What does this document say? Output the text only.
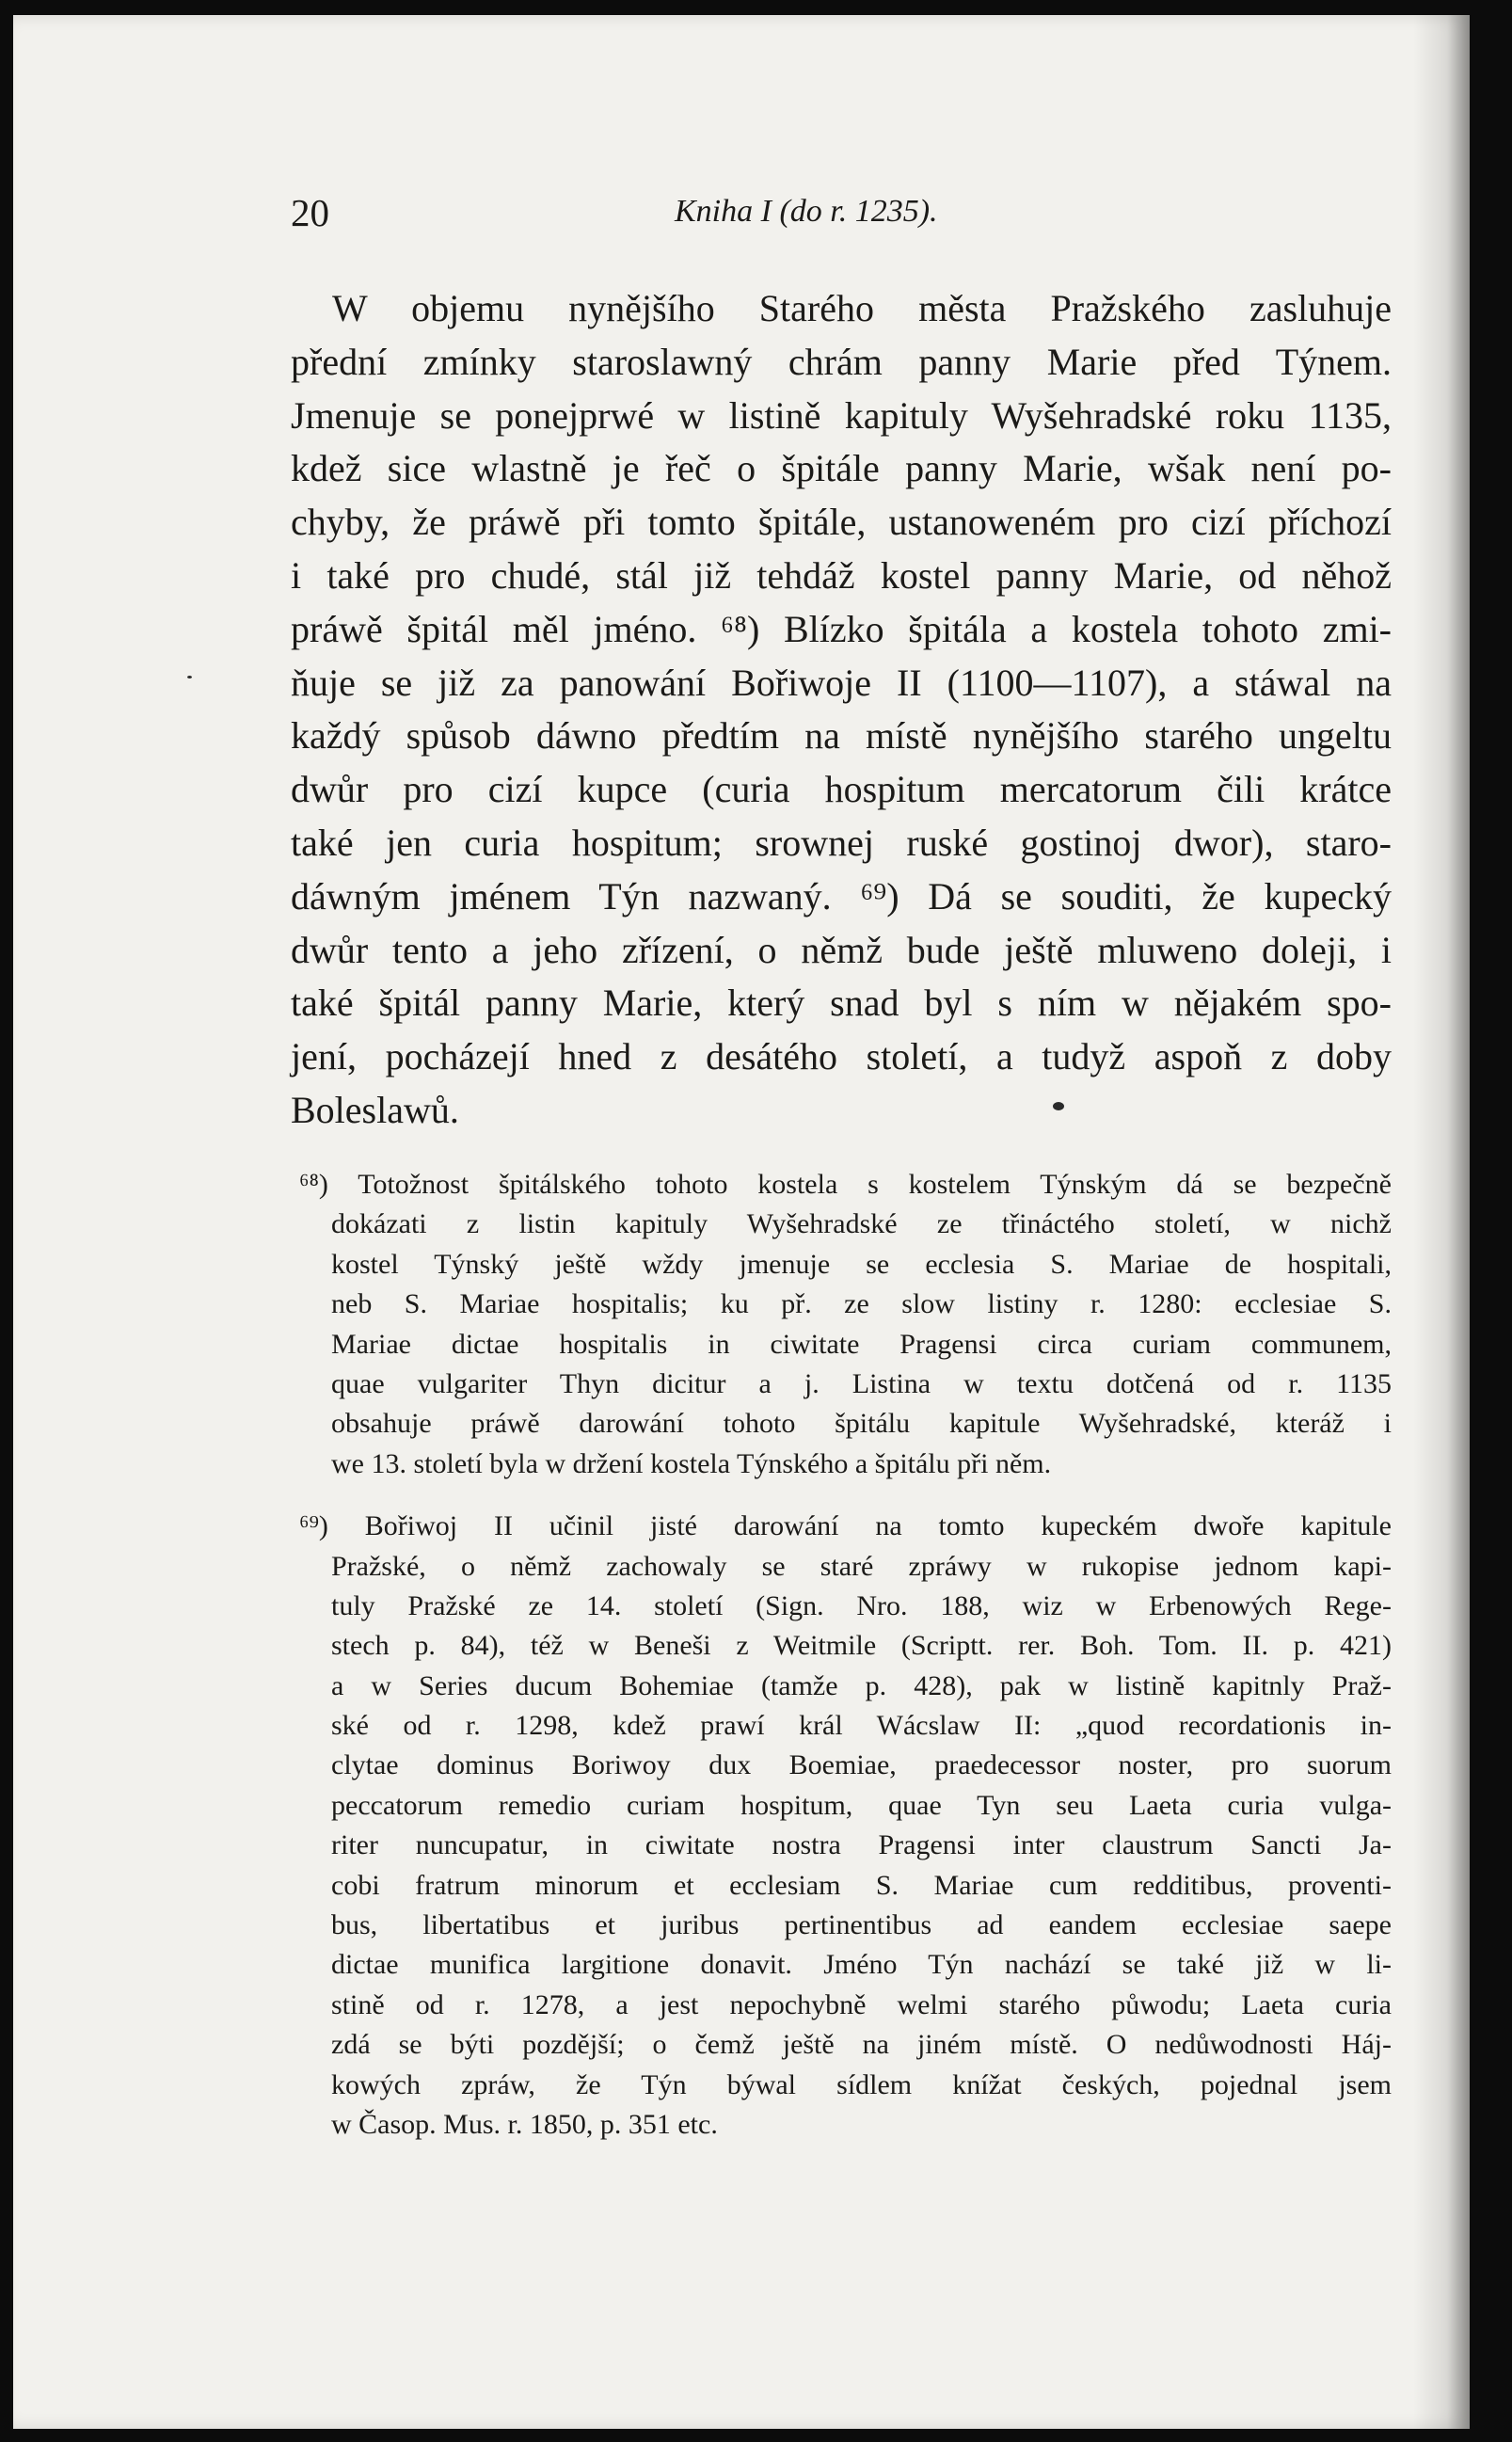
20	Kniha I (do r. 1235).
W objemu nynějšího Starého města Pražského zasluhuje
přední zmínky staroslawný chrám panny Marie před Týnem.
Jmenuje se ponejprwé w listině kapituly Wyšehradské roku 1135,
kdež sice wlastně je řeč o špitále panny Marie, wšak není po-
chyby, že práwě při tomto špitále, ustanoweném pro cizí příchozí
i také pro chudé, stál již tehdáž kostel panny Marie, od něhož
práwě špitál měl jméno. ⁶⁸) Blízko špitála a kostela tohoto zmi-
ňuje se již za panowání Bořiwoje II (1100—1107), a stáwal na
každý spůsob dáwno předtím na místě nynějšího starého ungeltu
dwůr pro cizí kupce (curia hospitum mercatorum čili krátce
také jen curia hospitum; srownej ruské gostinoj dwor), staro-
dáwným jménem Týn nazwaný. ⁶⁹) Dá se souditi, že kupecký
dwůr tento a jeho zřízení, o němž bude ještě mluweno doleji, i
také špitál panny Marie, který snad byl s ním w nějakém spo-
jení, pocházejí hned z desátého století, a tudyž aspoň z doby
Boleslawů.
⁶⁸) Totožnost špitálského tohoto kostela s kostelem Týnským dá se bezpečně
dokázati z listin kapituly Wyšehradské ze třináctého století, w nichž
kostel Týnský ještě wždy jmenuje se ecclesia S. Mariae de hospitali,
neb S. Mariae hospitalis; ku př. ze slow listiny r. 1280: ecclesiae S.
Mariae dictae hospitalis in ciwitate Pragensi circa curiam communem,
quae vulgariter Thyn dicitur a j. Listina w textu dotčená od r. 1135
obsahuje práwě darowání tohoto špitálu kapitule Wyšehradské, kteráž i
we 13. století byla w držení kostela Týnského a špitálu při něm.
⁶⁹) Bořiwoj II učinil jisté darowání na tomto kupeckém dwoře kapitule
Pražské, o němž zachowaly se staré zpráwy w rukopise jednom kapi-
tuly Pražské ze 14. století (Sign. Nro. 188, wiz w Erbenowých Rege-
stech p. 84), též w Beneši z Weitmile (Scriptt. rer. Boh. Tom. II. p. 421)
a w Series ducum Bohemiae (tamže p. 428), pak w listině kapitnly Praž-
ské od r. 1298, kdež prawí král Wácslaw II: „quod recordationis in-
clytae dominus Boriwoy dux Boemiae, praedecessor noster, pro suorum
peccatorum remedio curiam hospitum, quae Tyn seu Laeta curia vulga-
riter nuncupatur, in ciwitate nostra Pragensi inter claustrum Sancti Ja-
cobi fratrum minorum et ecclesiam S. Mariae cum redditibus, proventi-
bus, libertatibus et juribus pertinentibus ad eandem ecclesiae saepe
dictae munifica largitione donavit. Jméno Týn nachází se také již w li-
stině od r. 1278, a jest nepochybně welmi starého půwodu; Laeta curia
zdá se býti pozdější; o čemž ještě na jiném místě. O nedůwodnosti Háj-
kowých zpráw, že Týn býwal sídlem knížat českých, pojednal jsem
w Časop. Mus. r. 1850, p. 351 etc.
